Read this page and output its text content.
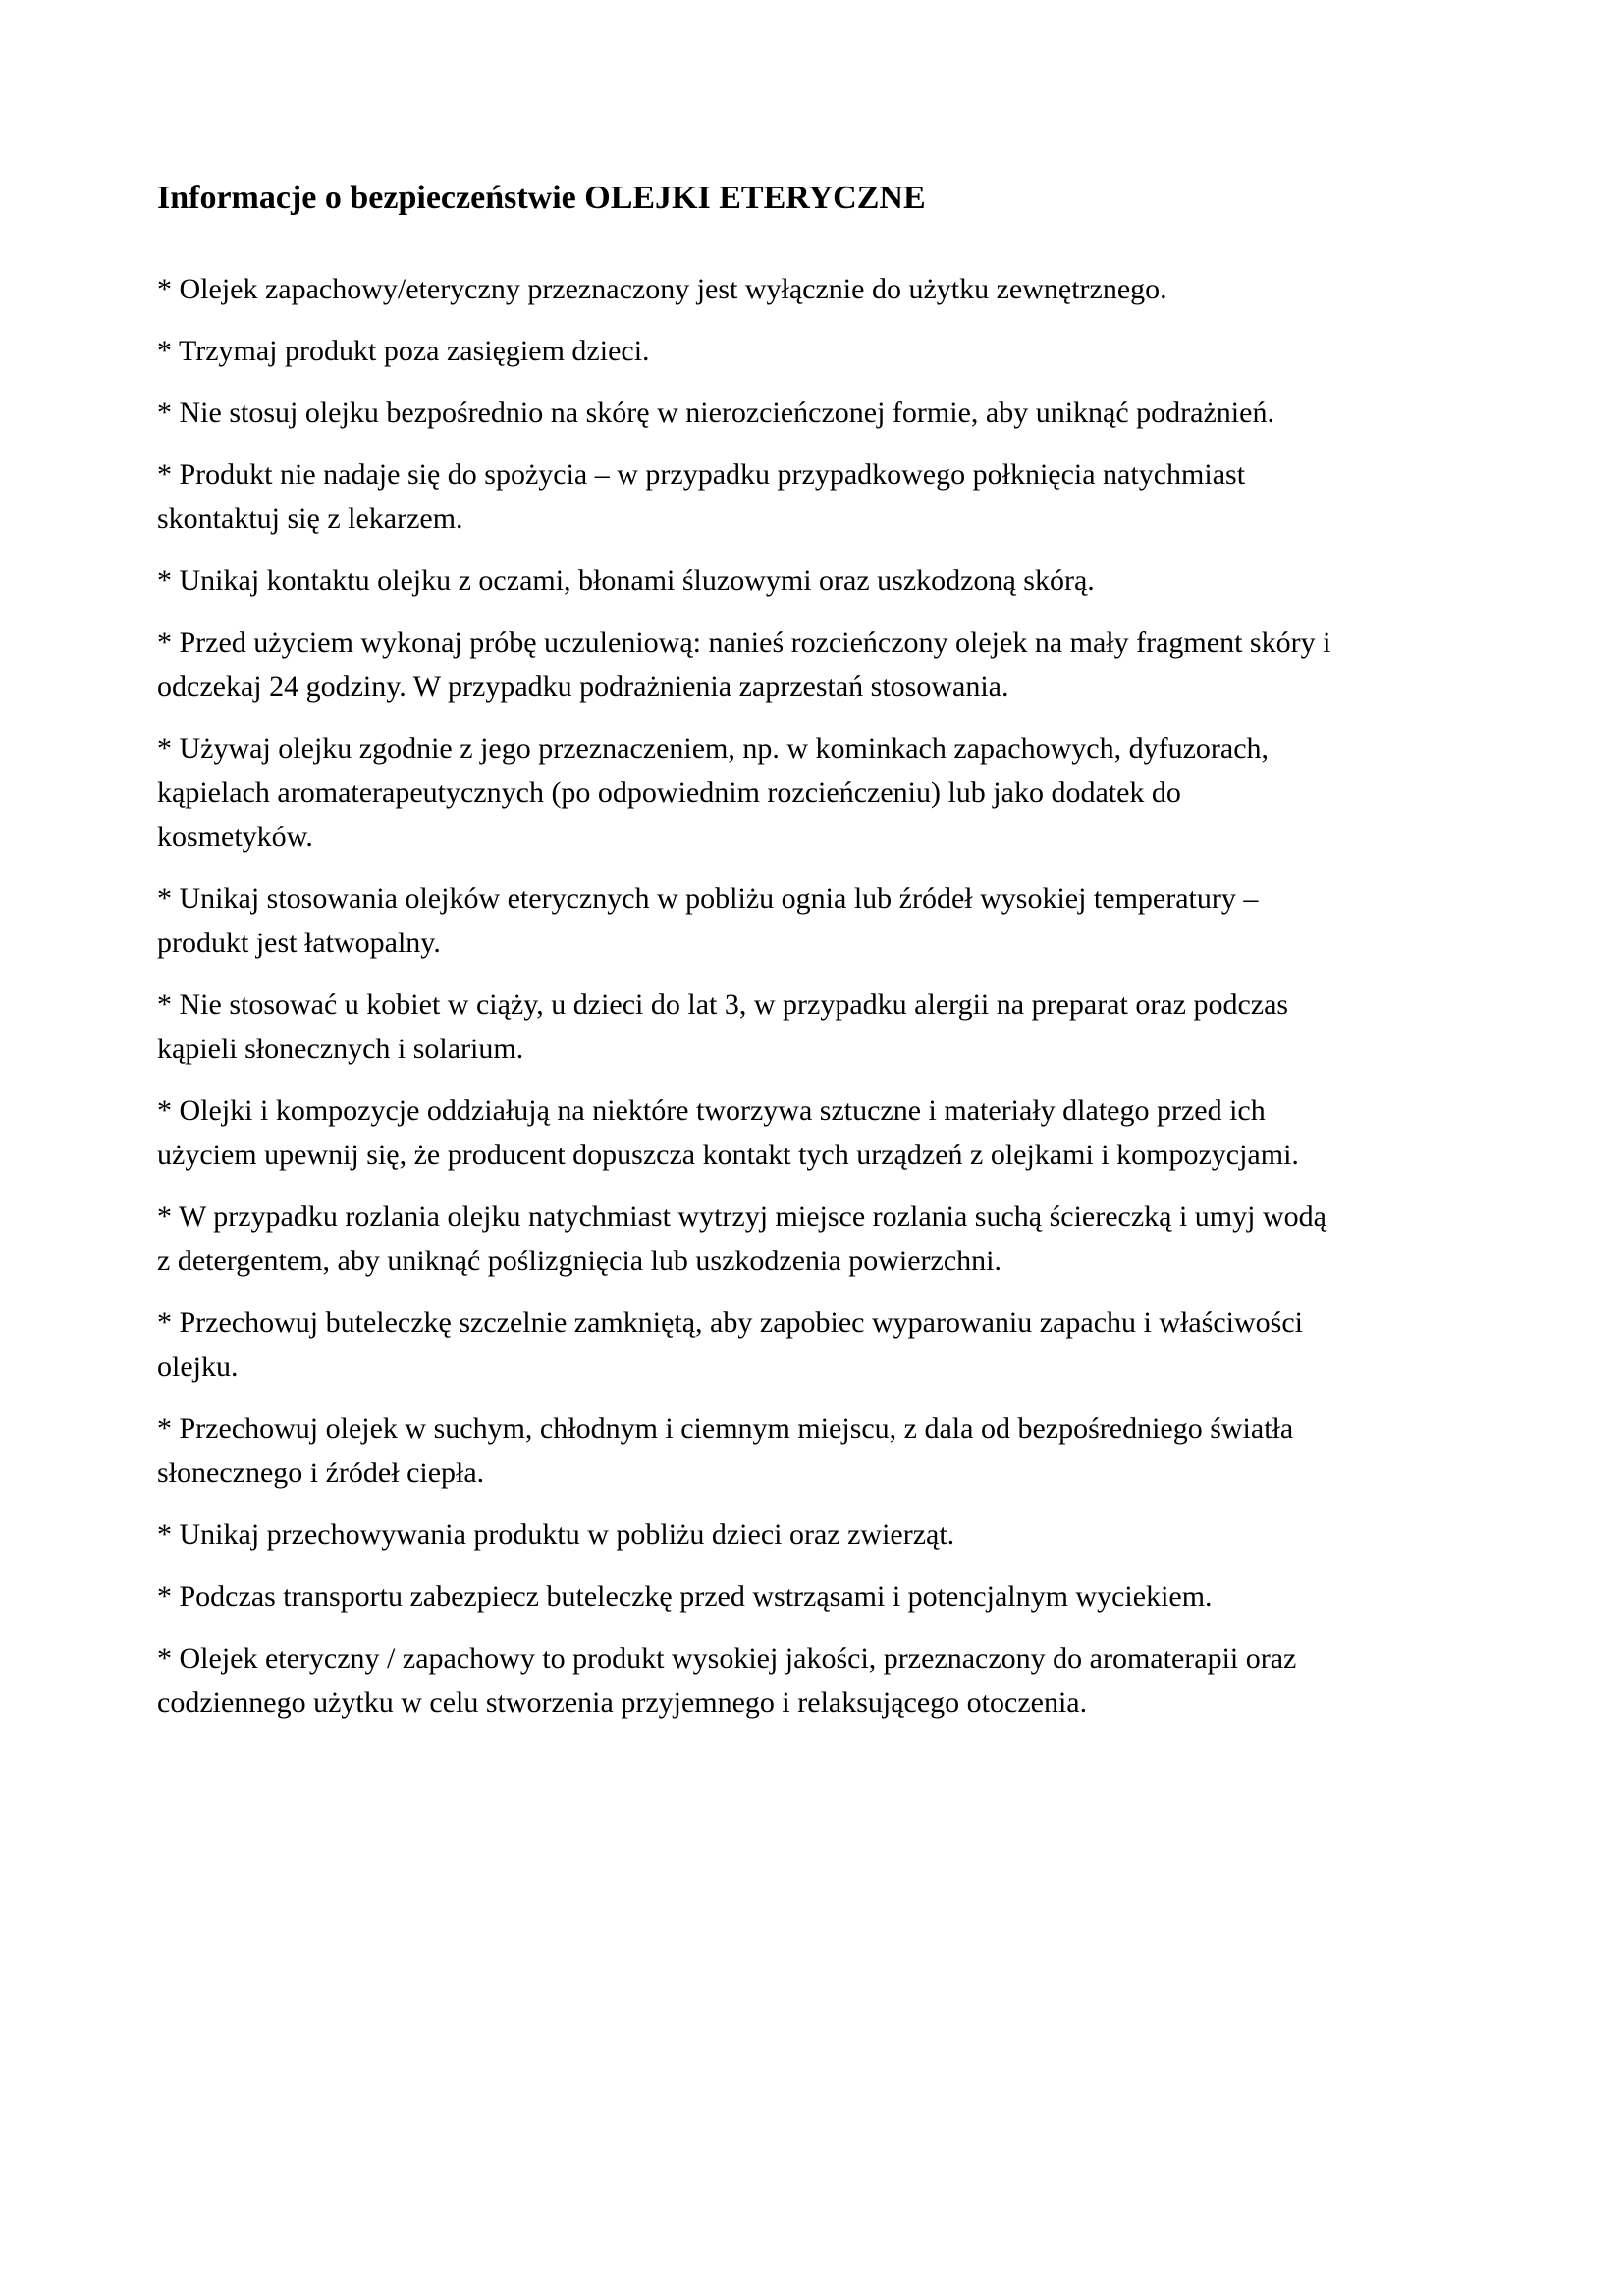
Informacje o bezpieczeństwie OLEJKI ETERYCZNE
* Olejek zapachowy/eteryczny przeznaczony jest wyłącznie do użytku zewnętrznego.
* Trzymaj produkt poza zasięgiem dzieci.
* Nie stosuj olejku bezpośrednio na skórę w nierozcieńczonej formie, aby uniknąć podrażnień.
* Produkt nie nadaje się do spożycia – w przypadku przypadkowego połknięcia natychmiast
skontaktuj się z lekarzem.
* Unikaj kontaktu olejku z oczami, błonami śluzowymi oraz uszkodzoną skórą.
* Przed użyciem wykonaj próbę uczuleniową: nanieś rozcieńczony olejek na mały fragment skóry i
odczekaj 24 godziny. W przypadku podrażnienia zaprzestań stosowania.
* Używaj olejku zgodnie z jego przeznaczeniem, np. w kominkach zapachowych, dyfuzorach,
kąpielach aromaterapeutycznych (po odpowiednim rozcieńczeniu) lub jako dodatek do
kosmetyków.
* Unikaj stosowania olejków eterycznych w pobliżu ognia lub źródeł wysokiej temperatury –
produkt jest łatwopalny.
* Nie stosować u kobiet w ciąży, u dzieci do lat 3, w przypadku alergii na preparat oraz podczas
kąpieli słonecznych i solarium.
* Olejki i kompozycje oddziałują na niektóre tworzywa sztuczne i materiały dlatego przed ich
użyciem upewnij się, że producent dopuszcza kontakt tych urządzeń z olejkami i kompozycjami.
* W przypadku rozlania olejku natychmiast wytrzyj miejsce rozlania suchą ściereczką i umyj wodą
z detergentem, aby uniknąć poślizgnięcia lub uszkodzenia powierzchni.
* Przechowuj buteleczkę szczelnie zamkniętą, aby zapobiec wyparowaniu zapachu i właściwości
olejku.
* Przechowuj olejek w suchym, chłodnym i ciemnym miejscu, z dala od bezpośredniego światła
słonecznego i źródeł ciepła.
* Unikaj przechowywania produktu w pobliżu dzieci oraz zwierząt.
* Podczas transportu zabezpiecz buteleczkę przed wstrząsami i potencjalnym wyciekiem.
* Olejek eteryczny / zapachowy to produkt wysokiej jakości, przeznaczony do aromaterapii oraz
codziennego użytku w celu stworzenia przyjemnego i relaksującego otoczenia.
